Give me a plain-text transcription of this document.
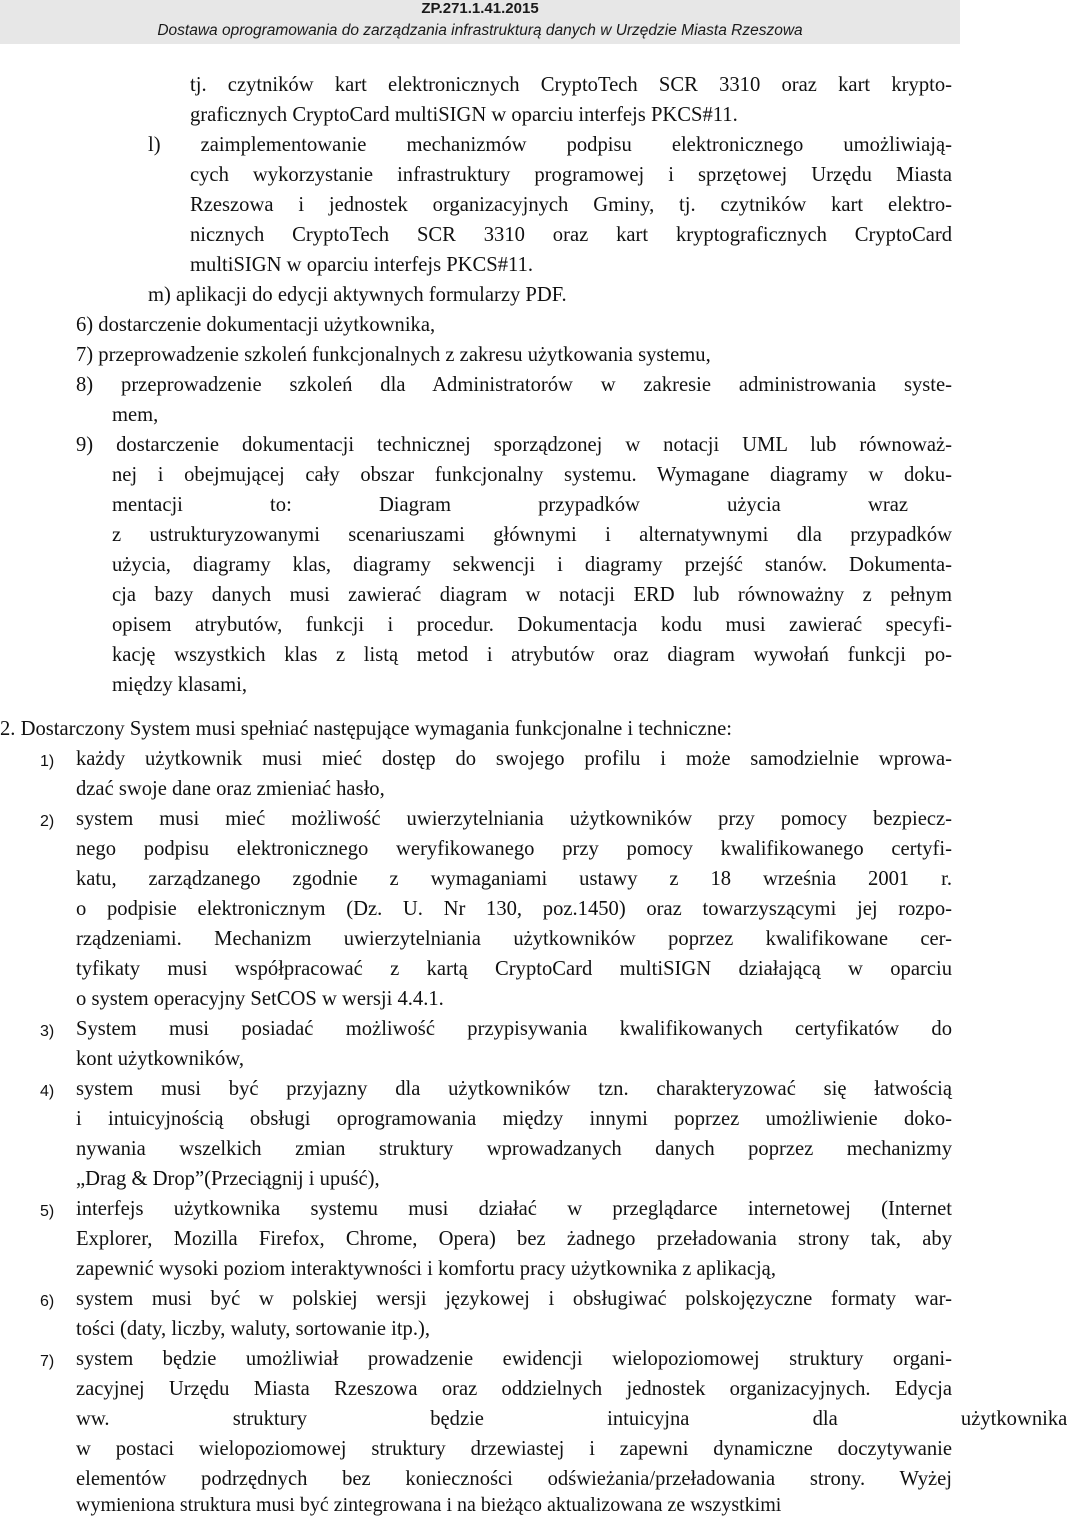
ZP.271.1.41.2015
Dostawa oprogramowania do zarządzania infrastrukturą danych w Urzędzie Miasta Rzeszowa
tj. czytników kart elektronicznych CryptoTech SCR 3310 oraz kart krypto-
graficznych CryptoCard multiSIGN w oparciu interfejs PKCS#11.
l) zaimplementowanie mechanizmów podpisu elektronicznego umożliwiają-
cych wykorzystanie infrastruktury programowej i sprzętowej Urzędu Miasta
Rzeszowa i jednostek organizacyjnych Gminy, tj. czytników kart elektro-
nicznych CryptoTech SCR 3310 oraz kart kryptograficznych CryptoCard
multiSIGN w oparciu interfejs PKCS#11.
m) aplikacji do edycji aktywnych formularzy PDF.
6) dostarczenie dokumentacji użytkownika,
7) przeprowadzenie szkoleń funkcjonalnych z zakresu użytkowania systemu,
8) przeprowadzenie szkoleń dla Administratorów w zakresie administrowania syste-
mem,
9) dostarczenie dokumentacji technicznej sporządzonej w notacji UML lub równoważ-
nej i obejmującej cały obszar funkcjonalny systemu. Wymagane diagramy w doku-
mentacji to: Diagram przypadków użycia wraz
z ustrukturyzowanymi scenariuszami głównymi i alternatywnymi dla przypadków
użycia, diagramy klas, diagramy sekwencji i diagramy przejść stanów. Dokumenta-
cja bazy danych musi zawierać diagram w notacji ERD lub równoważny z pełnym
opisem atrybutów, funkcji i procedur. Dokumentacja kodu musi zawierać specyfi-
kację wszystkich klas z listą metod i atrybutów oraz diagram wywołań funkcji po-
między klasami,
2. Dostarczony System musi spełniać następujące wymagania funkcjonalne i techniczne:
1) każdy użytkownik musi mieć dostęp do swojego profilu i może samodzielnie wprowa-
dzać swoje dane oraz zmieniać hasło,
2) system musi mieć możliwość uwierzytelniania użytkowników przy pomocy bezpiecz-
nego podpisu elektronicznego weryfikowanego przy pomocy kwalifikowanego certyfi-
katu, zarządzanego zgodnie z wymaganiami ustawy z 18 września 2001 r.
o podpisie elektronicznym (Dz. U. Nr 130, poz.1450) oraz towarzyszącymi jej rozpo-
rządzeniami. Mechanizm uwierzytelniania użytkowników poprzez kwalifikowane cer-
tyfikaty musi współpracować z kartą CryptoCard multiSIGN działającą w oparciu
o system operacyjny SetCOS w wersji 4.4.1.
3) System musi posiadać możliwość przypisywania kwalifikowanych certyfikatów do
kont użytkowników,
4) system musi być przyjazny dla użytkowników tzn. charakteryzować się łatwością
i intuicyjnością obsługi oprogramowania między innymi poprzez umożliwienie doko-
nywania wszelkich zmian struktury wprowadzanych danych poprzez mechanizmy
„Drag & Drop”(Przeciągnij i upuść),
5) interfejs użytkownika systemu musi działać w przeglądarce internetowej (Internet
Explorer, Mozilla Firefox, Chrome, Opera) bez żadnego przeładowania strony tak, aby
zapewnić wysoki poziom interaktywności i komfortu pracy użytkownika z aplikacją,
6) system musi być w polskiej wersji językowej i obsługiwać polskojęzyczne formaty war-
tości (daty, liczby, waluty, sortowanie itp.),
7) system będzie umożliwiał prowadzenie ewidencji wielopoziomowej struktury organi-
zacyjnej Urzędu Miasta Rzeszowa oraz oddzielnych jednostek organizacyjnych. Edycja
ww. struktury będzie intuicyjna dla użytkownika
w postaci wielopoziomowej struktury drzewiastej i zapewni dynamiczne doczytywanie
elementów podrzędnych bez konieczności odświeżania/przeładowania strony. Wyżej
wymieniona struktura musi być zintegrowana i na bieżąco aktualizowana ze wszystkimi
